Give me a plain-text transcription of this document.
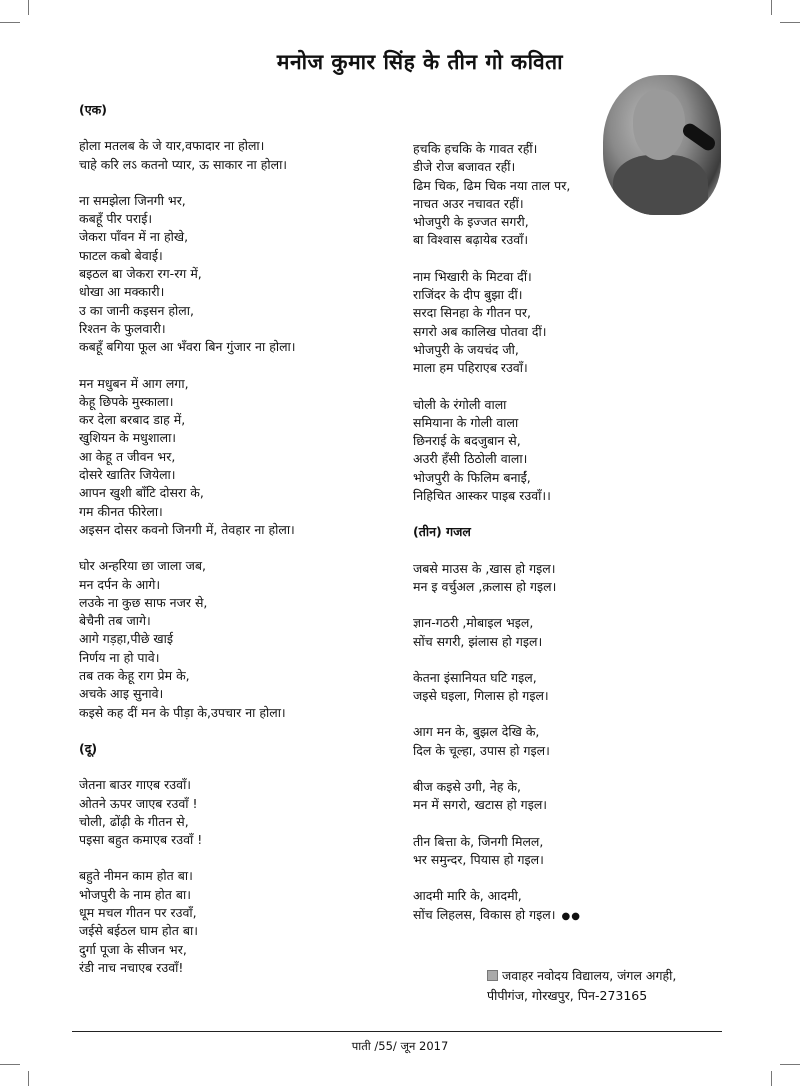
मनोज कुमार सिंह के तीन गो कविता
(एक)
होला मतलब के जे यार,वफादार ना होला।
चाहे करि लऽ कतनो प्यार, ऊ साकार ना होला।
ना समझेला जिनगी भर,
कबहूँ पीर पराई।
जेकरा पाँवन में ना होखे,
फाटल कबो बेवाई।
बइठल बा जेकरा रग-रग में,
धोखा आ मक्कारी।
उ का जानी कइसन होला,
रिश्तन के फुलवारी।
कबहूँ बगिया फूल आ भँवरा बिन गुंजार ना होला।
मन मधुबन में आग लगा,
केहू छिपके मुस्काला।
कर देला बरबाद डाह में,
खुशियन के मधुशाला।
आ केहू त जीवन भर,
दोसरे खातिर जियेला।
आपन खुशी बाँटि दोसरा के,
गम कीनत फीरेला।
अइसन दोसर कवनो जिनगी में, तेवहार ना होला।
घोर अन्हरिया छा जाला जब,
मन दर्पन के आगे।
लउके ना कुछ साफ नजर से,
बेचैनी तब जागे।
आगे गड़हा,पीछे खाई
निर्णय ना हो पावे।
तब तक केहू राग प्रेम के,
अचके आइ सुनावे।
कइसे कह दीं मन के पीड़ा के,उपचार ना होला।
(दू)
जेतना बाउर गाएब रउवाँ।
ओतने ऊपर जाएब रउवाँ !
चोली, ढोंढ़ी के गीतन से,
पइसा बहुत कमाएब रउवाँ !
बहुते नीमन काम होत बा।
भोजपुरी के नाम होत बा।
धूम मचल गीतन पर रउवाँ,
जईसे बईठल घाम होत बा।
दुर्गा पूजा के सीजन भर,
रंडी नाच नचाएब रउवाँ!
हचकि हचकि के गावत रहीं।
डीजे रोज बजावत रहीं।
ढिम चिक, ढिम चिक नया ताल पर,
नाचत अउर नचावत रहीं।
भोजपुरी के इज्जत सगरी,
बा विश्वास बढ़ायेब रउवाँ।
नाम भिखारी के मिटवा दीं।
राजिंदर के दीप बुझा दीं।
सरदा सिनहा के गीतन पर,
सगरो अब कालिख पोतवा दीं।
भोजपुरी के जयचंद जी,
माला हम पहिराएब रउवाँ।
चोली के रंगोली वाला
समियाना के गोली वाला
छिनराई के बदजुबान से,
अउरी हँसी ठिठोली वाला।
भोजपुरी के फिलिम बनाईं,
निहिचित आस्कर पाइब रउवाँ।।
(तीन) गजल
जबसे माउस के ,खास हो गइल।
मन इ वर्चुअल ,क़लास हो गइल।
ज्ञान-गठरी ,मोबाइल भइल,
सोंच सगरी, झंलास हो गइल।
केतना इंसानियत घटि गइल,
जइसे घइला, गिलास हो गइल।
आग मन के, बुझल देखि के,
दिल के चूल्हा, उपास हो गइल।
बीज कइसे उगी, नेह के,
मन में सगरो, खटास हो गइल।
तीन बित्ता के, जिनगी मिलल,
भर समुन्दर, पियास हो गइल।
आदमी मारि के, आदमी,
सोंच लिहलस, विकास हो गइल। ●●
जवाहर नवोदय विद्यालय, जंगल अगही,
पीपीगंज, गोरखपुर, पिन-273165
पाती /55/ जून 2017
